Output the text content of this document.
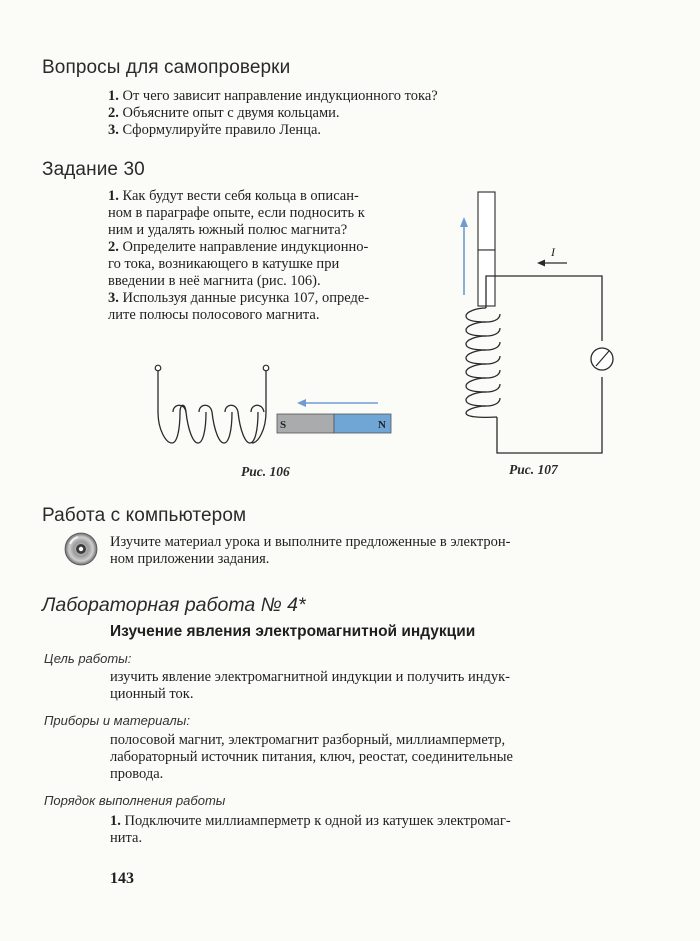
Вопросы для самопроверки
1. От чего зависит направление индукционного тока?
2. Объясните опыт с двумя кольцами.
3. Сформулируйте правило Ленца.
Задание 30
1. Как будут вести себя кольца в описан-
ном в параграфе опыте, если подносить к
ним и удалять южный полюс магнита?
2. Определите направление индукционно-
го тока, возникающего в катушке при
введении в неё магнита (рис. 106).
3. Используя данные рисунка 107, опреде-
лите полюсы полосового магнита.
S	N
Рис. 106
I
Рис. 107
Работа с компьютером
Изучите материал урока и выполните предложенные в электрон-
ном приложении задания.
Лабораторная работа № 4*
Изучение явления электромагнитной индукции
Цель работы:
изучить явление электромагнитной индукции и получить индук-
ционный ток.
Приборы и материалы:
полосовой магнит, электромагнит разборный, миллиамперметр,
лабораторный источник питания, ключ, реостат, соединительные
провода.
Порядок выполнения работы
1. Подключите миллиамперметр к одной из катушек электромаг-
нита.
143
